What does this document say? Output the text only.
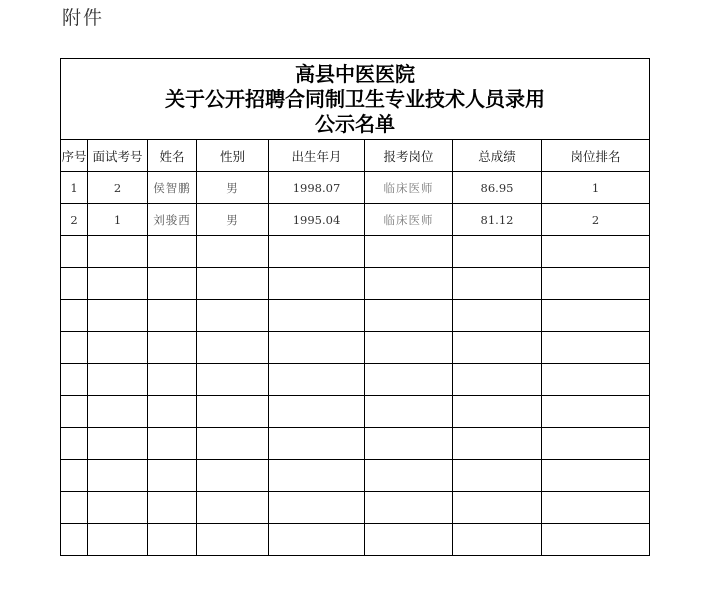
附件
高县中医医院
关于公开招聘合同制卫生专业技术人员录用
公示名单							

序号	面试考号	姓名	性别	出生年月	报考岗位	总成绩	岗位排名
1	2	侯智鹏	男	1998.07	临床医师	86.95	1
2	1	刘骏西	男	1995.04	临床医师	81.12	2
